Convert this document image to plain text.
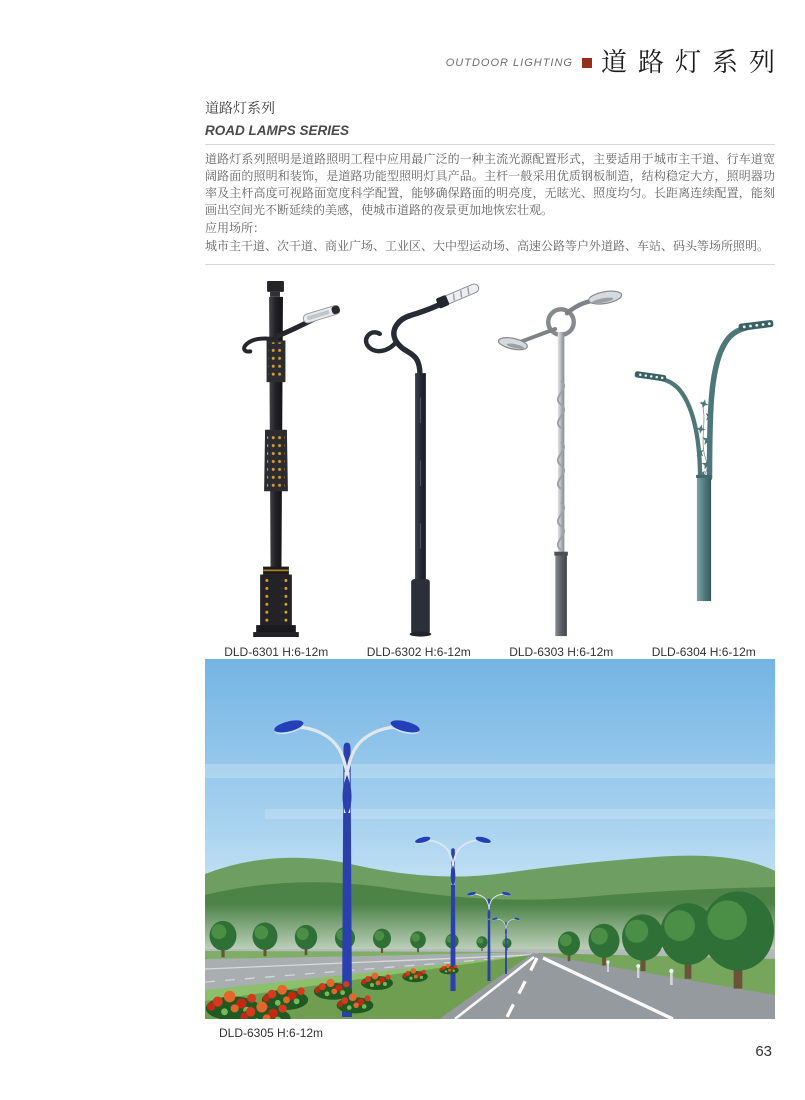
OUTDOOR LIGHTING 道路灯系列
道路灯系列
ROAD LAMPS SERIES

道路灯系列照明是道路照明工程中应用最广泛的一种主流光源配置形式，主要适用于城市主干道、行车道宽阔路面的照明和装饰，是道路功能型照明灯具产品。主杆一般采用优质钢板制造，结构稳定大方，照明器功率及主杆高度可视路面宽度科学配置，能够确保路面的明亮度，无眩光、照度均匀。长距离连续配置，能刻画出空间光不断延续的美感，使城市道路的夜景更加地恢宏壮观。

应用场所：

城市主干道、次干道、商业广场、工业区、大中型运动场、高速公路等户外道路、车站、码头等场所照明。

DLD-6301 H:6-12m	DLD-6302 H:6-12m	DLD-6303 H:6-12m	DLD-6304 H:6-12m
DLD-6305 H:6-12m
63
